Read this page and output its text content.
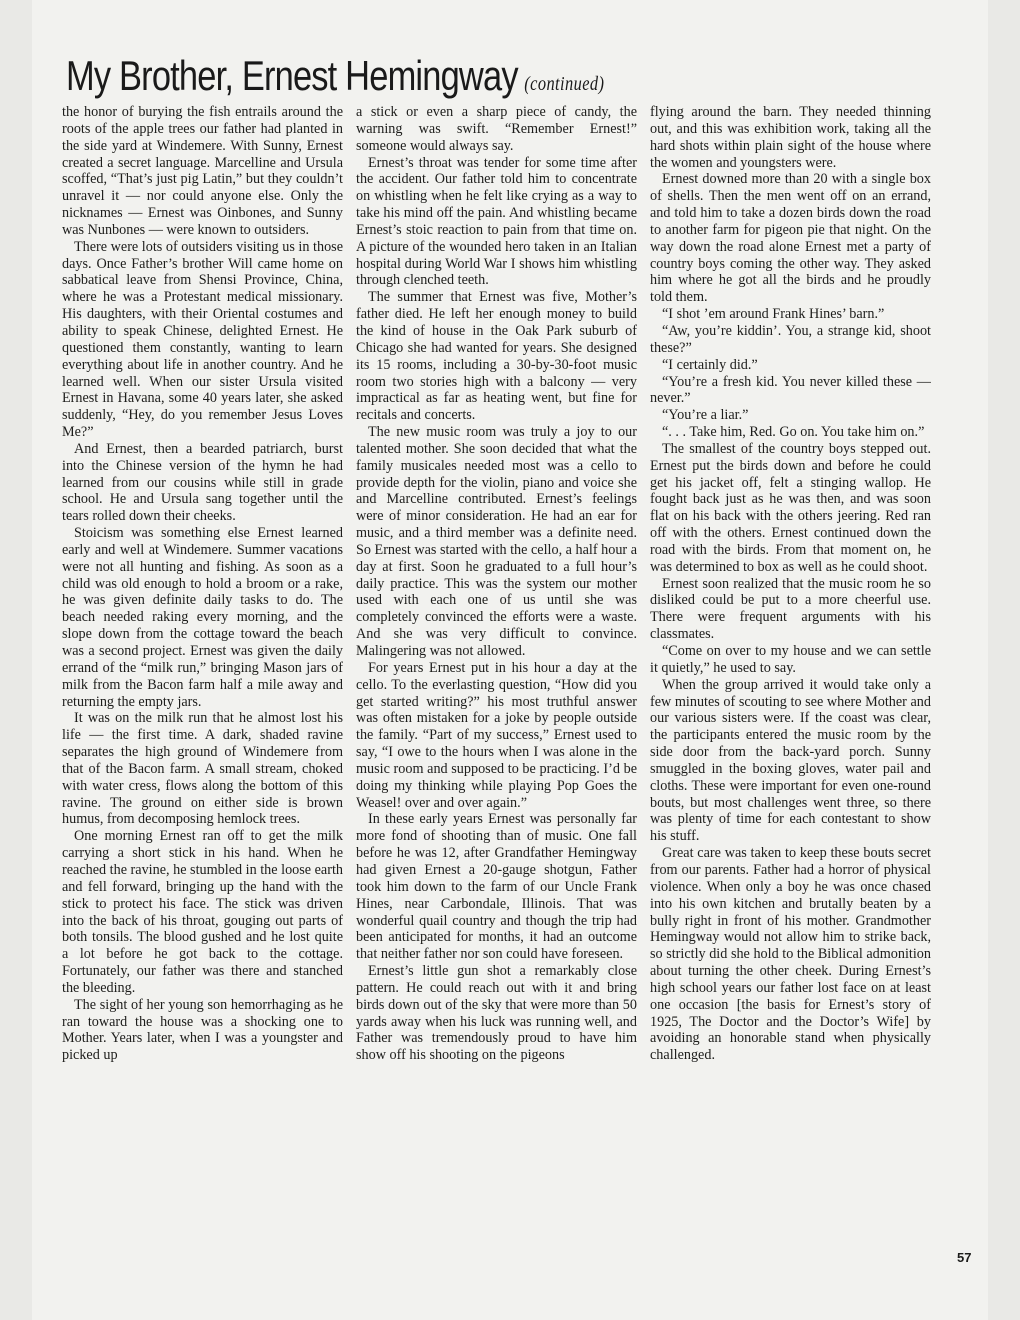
My Brother, Ernest Hemingway (continued)

the honor of burying the fish entrails around the roots of the apple trees our father had planted in the side yard at Windemere. With Sunny, Ernest created a secret language. Marcelline and Ursula scoffed, “That’s just pig Latin,” but they couldn’t unravel it — nor could anyone else. Only the nicknames — Ernest was Oinbones, and Sunny was Nunbones — were known to outsiders.

There were lots of outsiders visiting us in those days. Once Father’s brother Will came home on sabbatical leave from Shensi Province, China, where he was a Protestant medical missionary. His daughters, with their Oriental costumes and ability to speak Chinese, delighted Ernest. He questioned them constantly, wanting to learn everything about life in another country. And he learned well. When our sister Ursula visited Ernest in Havana, some 40 years later, she asked suddenly, “Hey, do you remember Jesus Loves Me?”

And Ernest, then a bearded patriarch, burst into the Chinese version of the hymn he had learned from our cousins while still in grade school. He and Ursula sang together until the tears rolled down their cheeks.

Stoicism was something else Ernest learned early and well at Windemere. Summer vacations were not all hunting and fishing. As soon as a child was old enough to hold a broom or a rake, he was given definite daily tasks to do. The beach needed raking every morning, and the slope down from the cottage toward the beach was a second project. Ernest was given the daily errand of the “milk run,” bringing Mason jars of milk from the Bacon farm half a mile away and returning the empty jars.

It was on the milk run that he almost lost his life — the first time. A dark, shaded ravine separates the high ground of Windemere from that of the Bacon farm. A small stream, choked with water cress, flows along the bottom of this ravine. The ground on either side is brown humus, from decomposing hemlock trees.

One morning Ernest ran off to get the milk carrying a short stick in his hand. When he reached the ravine, he stumbled in the loose earth and fell forward, bringing up the hand with the stick to protect his face. The stick was driven into the back of his throat, gouging out parts of both tonsils. The blood gushed and he lost quite a lot before he got back to the cottage. Fortunately, our father was there and stanched the bleeding.

The sight of her young son hemorrhaging as he ran toward the house was a shocking one to Mother. Years later, when I was a youngster and picked up

a stick or even a sharp piece of candy, the warning was swift. “Remember Ernest!” someone would always say.

Ernest’s throat was tender for some time after the accident. Our father told him to concentrate on whistling when he felt like crying as a way to take his mind off the pain. And whistling became Ernest’s stoic reaction to pain from that time on. A picture of the wounded hero taken in an Italian hospital during World War I shows him whistling through clenched teeth.

The summer that Ernest was five, Mother’s father died. He left her enough money to build the kind of house in the Oak Park suburb of Chicago she had wanted for years. She designed its 15 rooms, including a 30-by-30-foot music room two stories high with a balcony — very impractical as far as heating went, but fine for recitals and concerts.

The new music room was truly a joy to our talented mother. She soon decided that what the family musicales needed most was a cello to provide depth for the violin, piano and voice she and Marcelline contributed. Ernest’s feelings were of minor consideration. He had an ear for music, and a third member was a definite need. So Ernest was started with the cello, a half hour a day at first. Soon he graduated to a full hour’s daily practice. This was the system our mother used with each one of us until she was completely convinced the efforts were a waste. And she was very difficult to convince. Malingering was not allowed.

For years Ernest put in his hour a day at the cello. To the everlasting question, “How did you get started writing?” his most truthful answer was often mistaken for a joke by people outside the family. “Part of my success,” Ernest used to say, “I owe to the hours when I was alone in the music room and supposed to be practicing. I’d be doing my thinking while playing Pop Goes the Weasel! over and over again.”

In these early years Ernest was personally far more fond of shooting than of music. One fall before he was 12, after Grandfather Hemingway had given Ernest a 20-gauge shotgun, Father took him down to the farm of our Uncle Frank Hines, near Carbondale, Illinois. That was wonderful quail country and though the trip had been anticipated for months, it had an outcome that neither father nor son could have foreseen.

Ernest’s little gun shot a remarkably close pattern. He could reach out with it and bring birds down out of the sky that were more than 50 yards away when his luck was running well, and Father was tremendously proud to have him show off his shooting on the pigeons

flying around the barn. They needed thinning out, and this was exhibition work, taking all the hard shots within plain sight of the house where the women and youngsters were.

Ernest downed more than 20 with a single box of shells. Then the men went off on an errand, and told him to take a dozen birds down the road to another farm for pigeon pie that night. On the way down the road alone Ernest met a party of country boys coming the other way. They asked him where he got all the birds and he proudly told them.

“I shot ’em around Frank Hines’ barn.”

“Aw, you’re kiddin’. You, a strange kid, shoot these?”

“I certainly did.”

“You’re a fresh kid. You never killed these — never.”

“You’re a liar.”

“. . . Take him, Red. Go on. You take him on.”

The smallest of the country boys stepped out. Ernest put the birds down and before he could get his jacket off, felt a stinging wallop. He fought back just as he was then, and was soon flat on his back with the others jeering. Red ran off with the others. Ernest continued down the road with the birds. From that moment on, he was determined to box as well as he could shoot.

Ernest soon realized that the music room he so disliked could be put to a more cheerful use. There were frequent arguments with his classmates.

“Come on over to my house and we can settle it quietly,” he used to say.

When the group arrived it would take only a few minutes of scouting to see where Mother and our various sisters were. If the coast was clear, the participants entered the music room by the side door from the back-yard porch. Sunny smuggled in the boxing gloves, water pail and cloths. These were important for even one-round bouts, but most challenges went three, so there was plenty of time for each contestant to show his stuff.

Great care was taken to keep these bouts secret from our parents. Father had a horror of physical violence. When only a boy he was once chased into his own kitchen and brutally beaten by a bully right in front of his mother. Grandmother Hemingway would not allow him to strike back, so strictly did she hold to the Biblical admonition about turning the other cheek. During Ernest’s high school years our father lost face on at least one occasion [the basis for Ernest’s story of 1925, The Doctor and the Doctor’s Wife] by avoiding an honorable stand when physically challenged.

57
